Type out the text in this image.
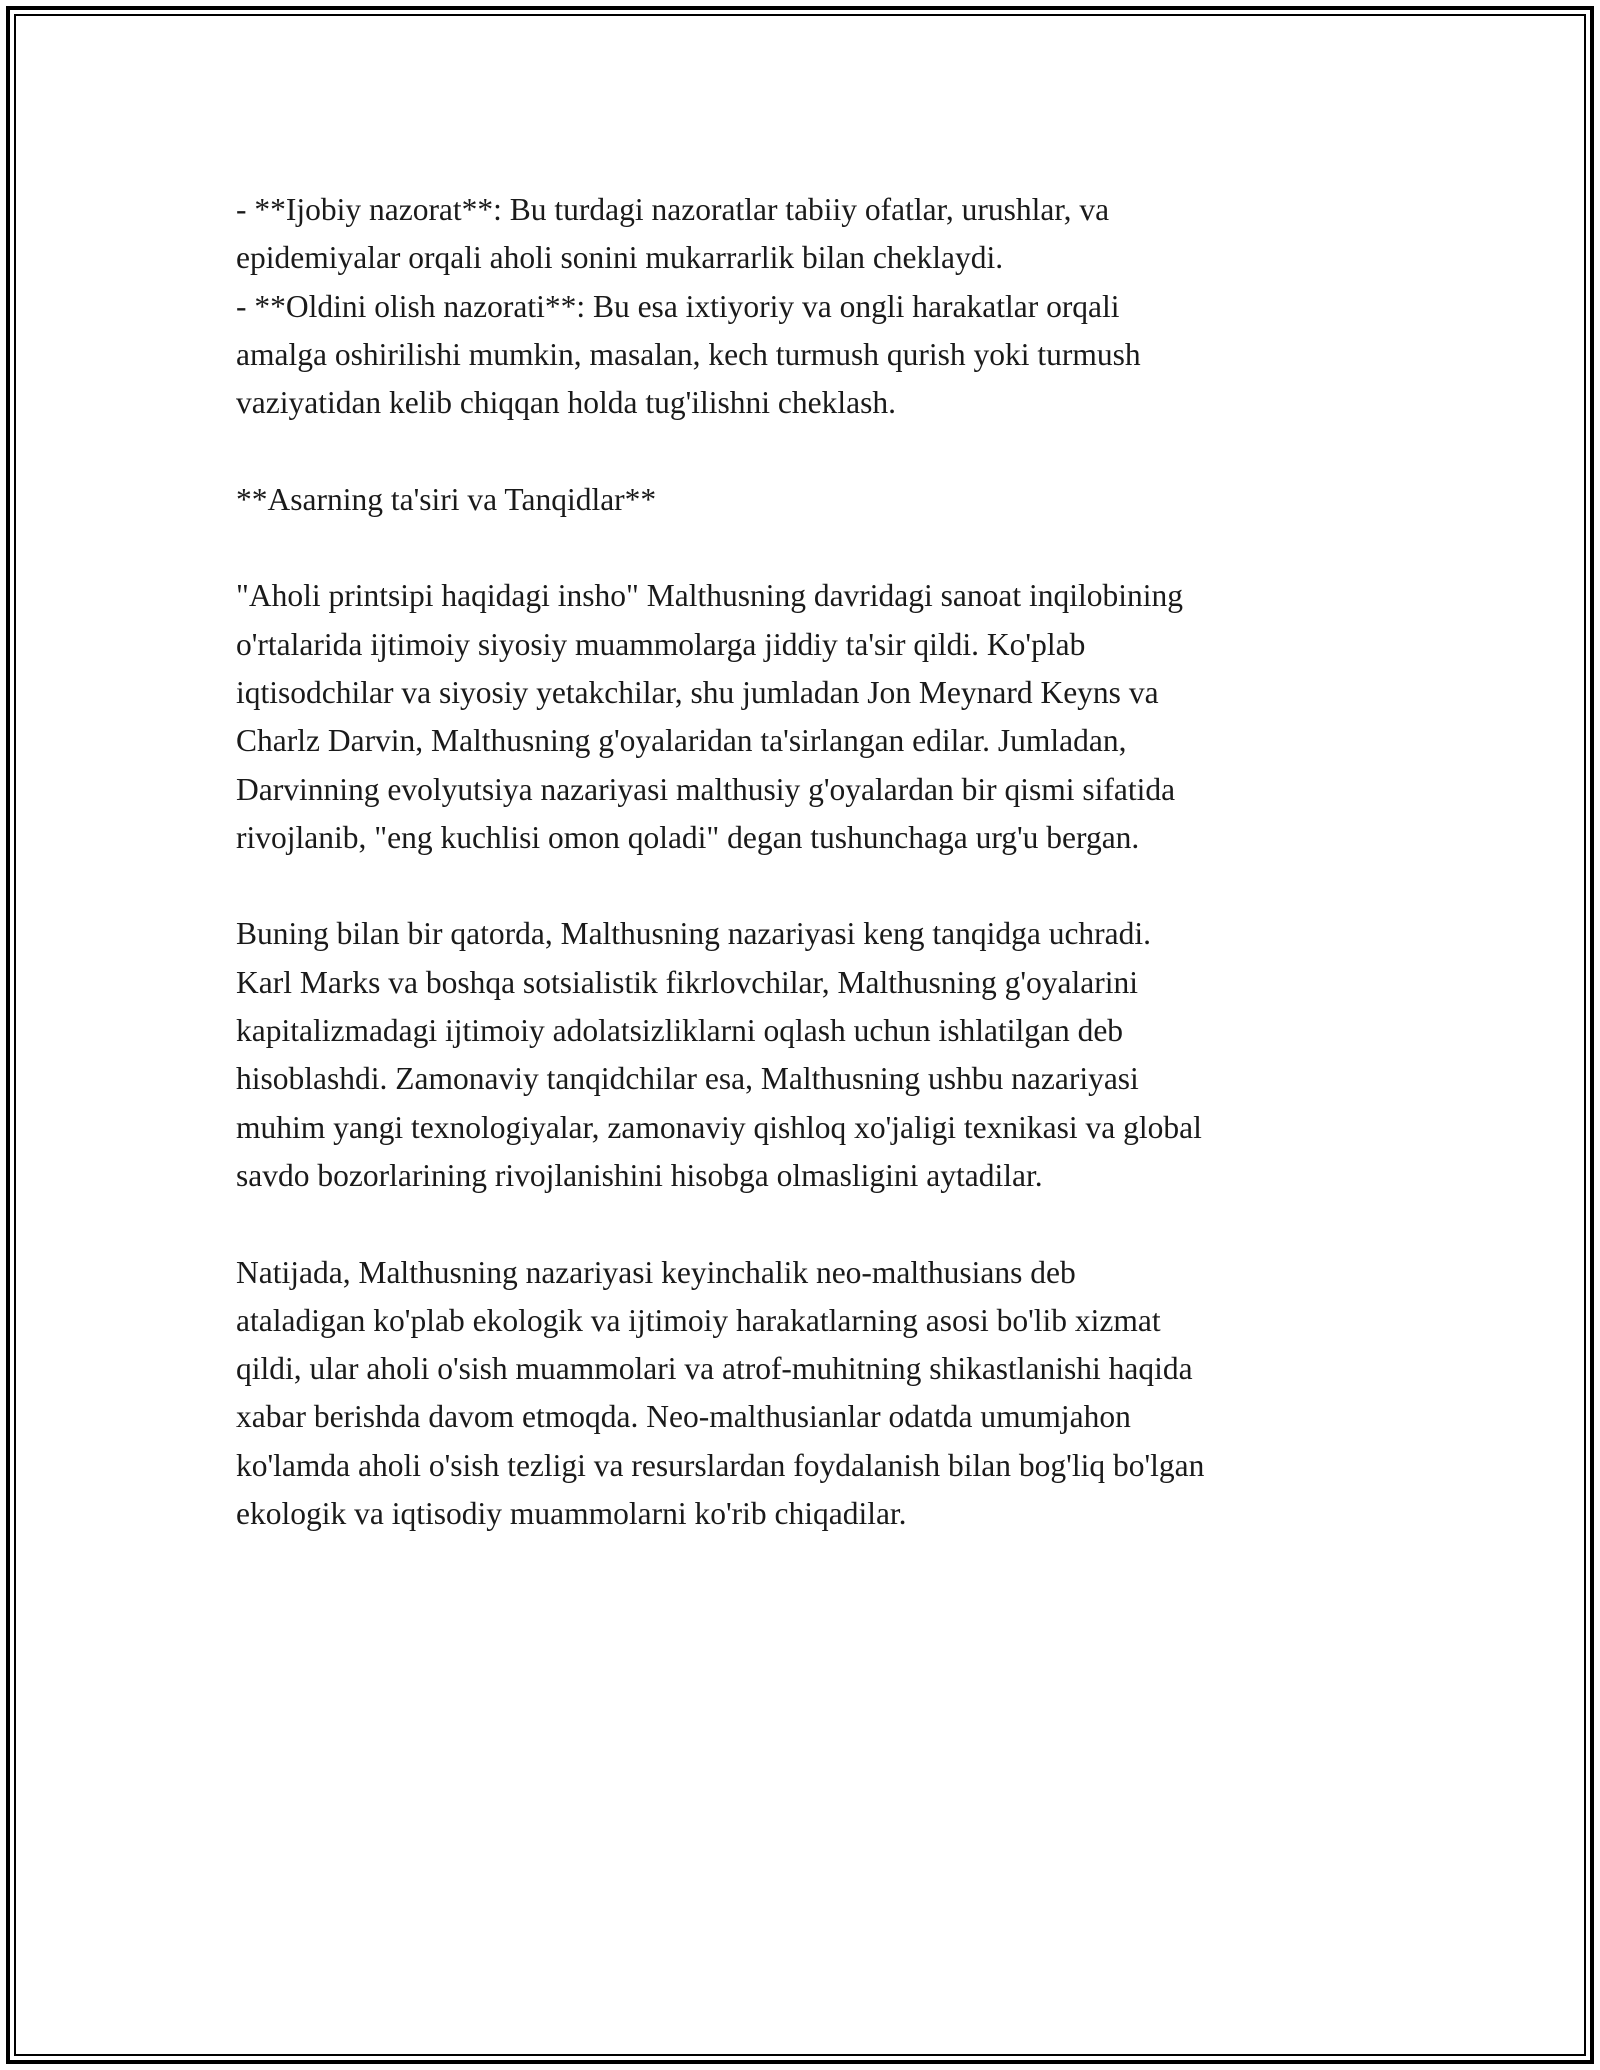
- **Ijobiy nazorat**: Bu turdagi nazoratlar tabiiy ofatlar, urushlar, va
epidemiyalar orqali aholi sonini mukarrarlik bilan cheklaydi.
- **Oldini olish nazorati**: Bu esa ixtiyoriy va ongli harakatlar orqali
amalga oshirilishi mumkin, masalan, kech turmush qurish yoki turmush
vaziyatidan kelib chiqqan holda tug'ilishni cheklash.
**Asarning ta'siri va Tanqidlar**
"Aholi printsipi haqidagi insho" Malthusning davridagi sanoat inqilobining
o'rtalarida ijtimoiy siyosiy muammolarga jiddiy ta'sir qildi. Ko'plab
iqtisodchilar va siyosiy yetakchilar, shu jumladan Jon Meynard Keyns va
Charlz Darvin, Malthusning g'oyalaridan ta'sirlangan edilar. Jumladan,
Darvinning evolyutsiya nazariyasi malthusiy g'oyalardan bir qismi sifatida
rivojlanib, "eng kuchlisi omon qoladi" degan tushunchaga urg'u bergan.
Buning bilan bir qatorda, Malthusning nazariyasi keng tanqidga uchradi.
Karl Marks va boshqa sotsialistik fikrlovchilar, Malthusning g'oyalarini
kapitalizmadagi ijtimoiy adolatsizliklarni oqlash uchun ishlatilgan deb
hisoblashdi. Zamonaviy tanqidchilar esa, Malthusning ushbu nazariyasi
muhim yangi texnologiyalar, zamonaviy qishloq xo'jaligi texnikasi va global
savdo bozorlarining rivojlanishini hisobga olmasligini aytadilar.
Natijada, Malthusning nazariyasi keyinchalik neo-malthusians deb
ataladigan ko'plab ekologik va ijtimoiy harakatlarning asosi bo'lib xizmat
qildi, ular aholi o'sish muammolari va atrof-muhitning shikastlanishi haqida
xabar berishda davom etmoqda. Neo-malthusianlar odatda umumjahon
ko'lamda aholi o'sish tezligi va resurslardan foydalanish bilan bog'liq bo'lgan
ekologik va iqtisodiy muammolarni ko'rib chiqadilar.
